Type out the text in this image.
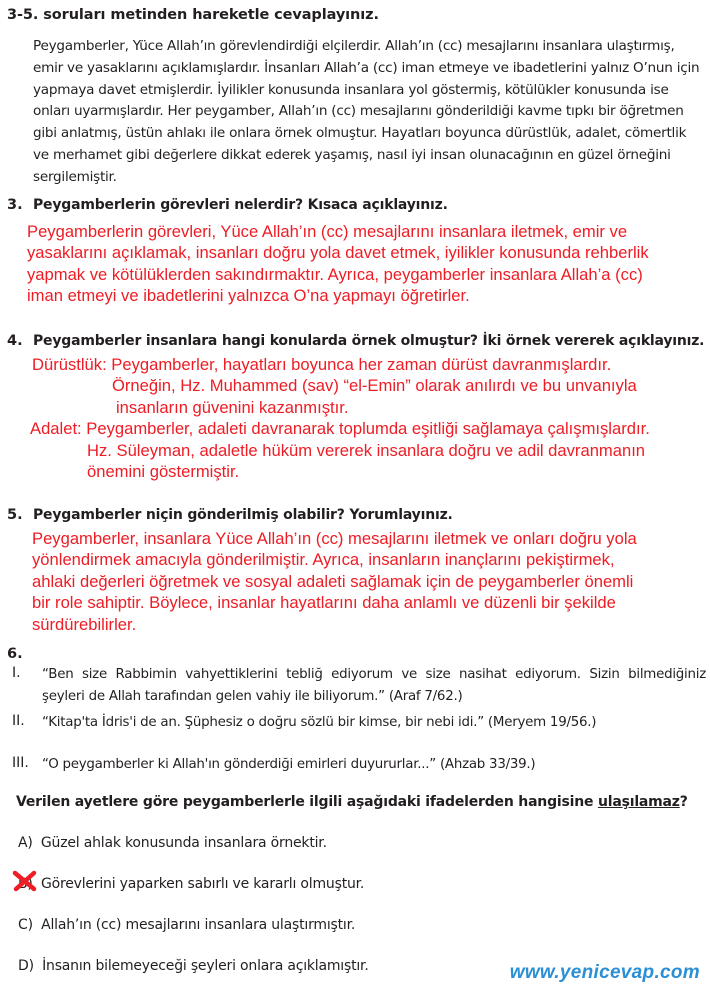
3-5. soruları metinden hareketle cevaplayınız.

Peygamberler, Yüce Allah’ın görevlendirdiği elçilerdir. Allah’ın (cc) mesajlarını insanlara ulaştırmış,

emir ve yasaklarını açıklamışlardır. İnsanları Allah’a (cc) iman etmeye ve ibadetlerini yalnız O’nun için

yapmaya davet etmişlerdir. İyilikler konusunda insanlara yol göstermiş, kötülükler konusunda ise

onları uyarmışlardır. Her peygamber, Allah’ın (cc) mesajlarını gönderildiği kavme tıpkı bir öğretmen

gibi anlatmış, üstün ahlakı ile onlara örnek olmuştur. Hayatları boyunca dürüstlük, adalet, cömertlik

ve merhamet gibi değerlere dikkat ederek yaşamış, nasıl iyi insan olunacağının en güzel örneğini

sergilemiştir.

3. Peygamberlerin görevleri nelerdir? Kısaca açıklayınız.
Peygamberlerin görevleri, Yüce Allah’ın (cc) mesajlarını insanlara iletmek, emir ve
yasaklarını açıklamak, insanları doğru yola davet etmek, iyilikler konusunda rehberlik
yapmak ve kötülüklerden sakındırmaktır. Ayrıca, peygamberler insanlara Allah’a (cc)
iman etmeyi ve ibadetlerini yalnızca O’na yapmayı öğretirler.
4. Peygamberler insanlara hangi konularda örnek olmuştur? İki örnek vererek açıklayınız.
Dürüstlük: Peygamberler, hayatları boyunca her zaman dürüst davranmışlardır.
Örneğin, Hz. Muhammed (sav) “el-Emin” olarak anılırdı ve bu unvanıyla
insanların güvenini kazanmıştır.
Adalet: Peygamberler, adaleti davranarak toplumda eşitliği sağlamaya çalışmışlardır.
Hz. Süleyman, adaletle hüküm vererek insanlara doğru ve adil davranmanın
önemini göstermiştir.
5. Peygamberler niçin gönderilmiş olabilir? Yorumlayınız.
Peygamberler, insanlara Yüce Allah’ın (cc) mesajlarını iletmek ve onları doğru yola
yönlendirmek amacıyla gönderilmiştir. Ayrıca, insanların inançlarını pekiştirmek,
ahlaki değerleri öğretmek ve sosyal adaleti sağlamak için de peygamberler önemli
bir role sahiptir. Böylece, insanlar hayatlarını daha anlamlı ve düzenli bir şekilde
sürdürebilirler.
6.
I. “Ben size Rabbimin vahyettiklerini tebliğ ediyorum ve size nasihat ediyorum. Sizin bilmediğiniz
şeyleri de Allah tarafından gelen vahiy ile biliyorum.” (Araf 7/62.)
II. “Kitap'ta İdris'i de an. Şüphesiz o doğru sözlü bir kimse, bir nebi idi.” (Meryem 19/56.)
III. “O peygamberler ki Allah'ın gönderdiği emirleri duyururlar...” (Ahzab 33/39.)
Verilen ayetlere göre peygamberlerle ilgili aşağıdaki ifadelerden hangisine ulaşılamaz?
A) Güzel ahlak konusunda insanlara örnektir.
B) Görevlerini yaparken sabırlı ve kararlı olmuştur.
C) Allah’ın (cc) mesajlarını insanlara ulaştırmıştır.
D) İnsanın bilemeyeceği şeyleri onlara açıklamıştır.	www.yenicevap.com
